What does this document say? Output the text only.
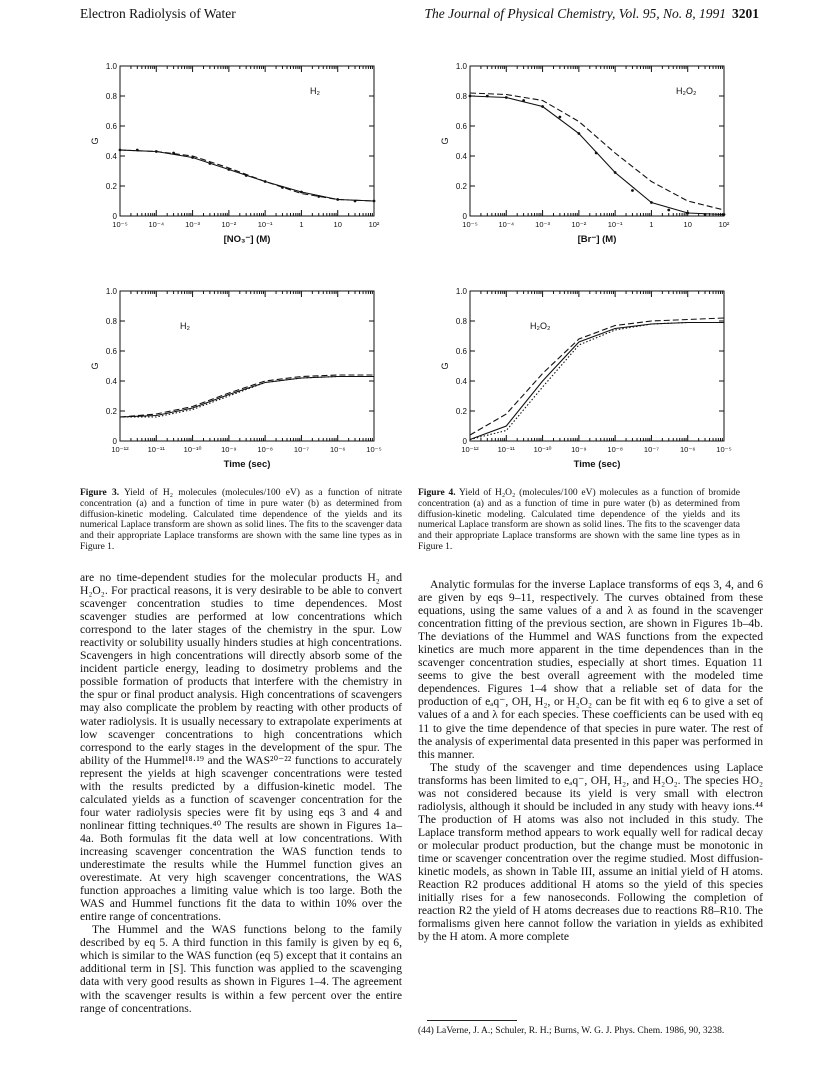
Electron Radiolysis of Water	The Journal of Physical Chemistry, Vol. 95, No. 8, 1991 3201
0
0.2
0.4
0.6
0.8
1.0
10⁻⁵	10⁻⁴	10⁻³	10⁻²	10⁻¹	1	10	10²
[NO₃⁻] (M)
G
H₂
0
0.2
0.4
0.6
0.8
1.0
10⁻⁵	10⁻⁴	10⁻³	10⁻²	10⁻¹	1	10	10²
[Br⁻] (M)
G
H₂O₂
0
0.2
0.4
0.6
0.8
1.0
10⁻¹²	10⁻¹¹ 10⁻¹⁰	10⁻⁹	10⁻⁸	10⁻⁷	10⁻⁶	10⁻⁵
Time (sec)
G
H₂
0
0.2
0.4
0.6
0.8
1.0
10⁻¹²	10⁻¹¹ 10⁻¹⁰	10⁻⁹	10⁻⁸	10⁻⁷	10⁻⁶	10⁻⁵
Time (sec)
G
H₂O₂
Figure 3. Yield of H₂ molecules (molecules/100 eV) as a function of nitrate concentration (a) and a function of time in pure water (b) as determined from diffusion-kinetic modeling. Calculated time dependence of the yields and its numerical Laplace transform are shown as solid lines. The fits to the scavenger data and their appropriate Laplace transforms are shown with the same line types as in Figure 1.
Figure 4. Yield of H₂O₂ (molecules/100 eV) molecules as a function of bromide concentration (a) and as a function of time in pure water (b) as determined from diffusion-kinetic modeling. Calculated time dependence of the yields and its numerical Laplace transform are shown as solid lines. The fits to the scavenger data and their appropriate Laplace transforms are shown with the same line types as in Figure 1.

are no time-dependent studies for the molecular products H₂ and H₂O₂. For practical reasons, it is very desirable to be able to convert scavenger concentration studies to time dependences. Most scavenger studies are performed at low concentrations which correspond to the later stages of the chemistry in the spur. Low reactivity or solubility usually hinders studies at high concentrations. Scavengers in high concentrations will directly absorb some of the incident particle energy, leading to dosimetry problems and the possible formation of products that interfere with the chemistry in the spur or final product analysis. High concentrations of scavengers may also complicate the problem by reacting with other products of water radiolysis. It is usually necessary to extrapolate experiments at low scavenger concentrations to high concentrations which correspond to the early stages in the development of the spur. The ability of the Hummel¹⁸·¹⁹ and the WAS²⁰⁻²² functions to accurately represent the yields at high scavenger concentrations were tested with the results predicted by a diffusion-kinetic model. The calculated yields as a function of scavenger concentration for the four water radiolysis species were fit by using eqs 3 and 4 and nonlinear fitting techniques.⁴⁰ The results are shown in Figures 1a–4a. Both formulas fit the data well at low concentrations. With increasing scavenger concentration the WAS function tends to underestimate the results while the Hummel function gives an overestimate. At very high scavenger concentrations, the WAS function approaches a limiting value which is too large. Both the WAS and Hummel functions fit the data to within 10% over the entire range of concentrations.

The Hummel and the WAS functions belong to the family described by eq 5. A third function in this family is given by eq 6, which is similar to the WAS function (eq 5) except that it contains an additional term in [S]. This function was applied to the scavenging data with very good results as shown in Figures 1–4. The agreement with the scavenger results is within a few percent over the entire range of concentrations.

Analytic formulas for the inverse Laplace transforms of eqs 3, 4, and 6 are given by eqs 9–11, respectively. The curves obtained from these equations, using the same values of a and λ as found in the scavenger concentration fitting of the previous section, are shown in Figures 1b–4b. The deviations of the Hummel and WAS functions from the expected kinetics are much more apparent in the time dependences than in the scavenger concentration studies, especially at short times. Equation 11 seems to give the best overall agreement with the modeled time dependences. Figures 1–4 show that a reliable set of data for the production of eₐq⁻, OH, H₂, or H₂O₂ can be fit with eq 6 to give a set of values of a and λ for each species. These coefficients can be used with eq 11 to give the time dependence of that species in pure water. The rest of the analysis of experimental data presented in this paper was performed in this manner.

The study of the scavenger and time dependences using Laplace transforms has been limited to eₐq⁻, OH, H₂, and H₂O₂. The species HO₂ was not considered because its yield is very small with electron radiolysis, although it should be included in any study with heavy ions.⁴⁴ The production of H atoms was also not included in this study. The Laplace transform method appears to work equally well for radical decay or molecular product production, but the change must be monotonic in time or scavenger concentration over the regime studied. Most diffusion-kinetic models, as shown in Table III, assume an initial yield of H atoms. Reaction R2 produces additional H atoms so the yield of this species initially rises for a few nanoseconds. Following the completion of reaction R2 the yield of H atoms decreases due to reactions R8–R10. The formalisms given here cannot follow the variation in yields as exhibited by the H atom. A more complete

(44) LaVerne, J. A.; Schuler, R. H.; Burns, W. G. J. Phys. Chem. 1986, 90, 3238.
